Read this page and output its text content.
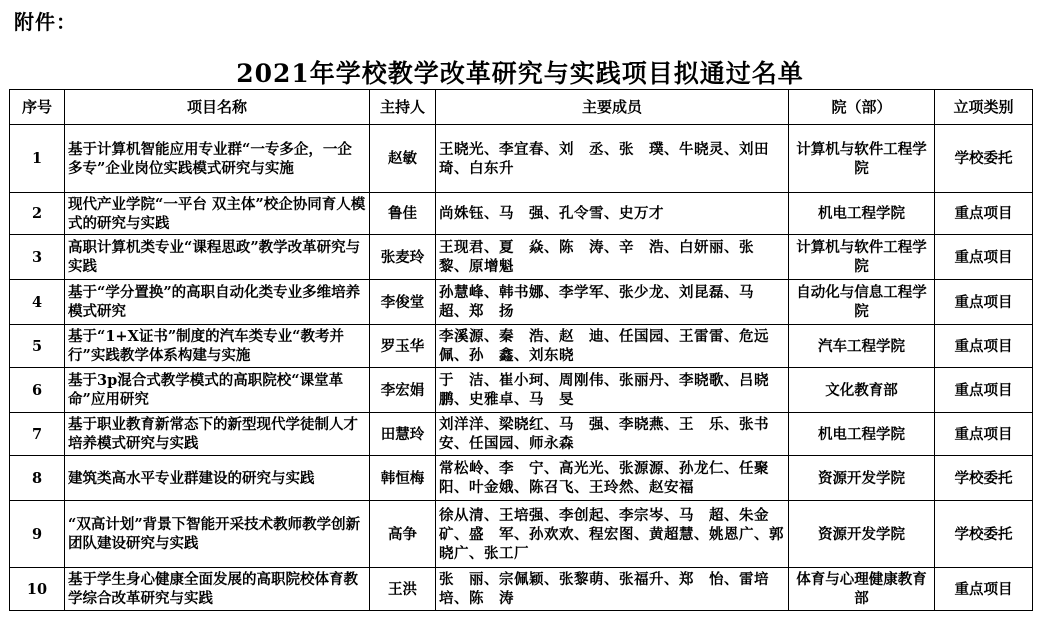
附件：
2021年学校教学改革研究与实践项目拟通过名单
序号	项目名称	主持人	主要成员	院（部）	立项类别
1	基于计算机智能应用专业群“一专多企，一企多专”企业岗位实践模式研究与实施	赵敏	王晓光、李宜春、刘　丞、张　璞、牛晓灵、刘田琦、白东升	计算机与软件工程学院	学校委托
2	现代产业学院“一平台 双主体”校企协同育人模式的研究与实践	鲁佳	尚姝钰、马　强、孔令雪、史万才	机电工程学院	重点项目
3	高职计算机类专业“课程思政”教学改革研究与实践	张麦玲	王现君、夏　焱、陈　涛、辛　浩、白妍丽、张　黎、原增魁	计算机与软件工程学院	重点项目
4	基于“学分置换”的高职自动化类专业多维培养模式研究	李俊堂	孙慧峰、韩书娜、李学军、张少龙、刘昆磊、马　超、郑　扬	自动化与信息工程学院	重点项目
5	基于“1+X证书”制度的汽车类专业“教考并行”实践教学体系构建与实施	罗玉华	李溪源、秦　浩、赵　迪、任国园、王雷雷、危远佩、孙　鑫、刘东晓	汽车工程学院	重点项目
6	基于3p混合式教学模式的高职院校“课堂革命”应用研究	李宏娟	于　洁、崔小珂、周刚伟、张丽丹、李晓歌、吕晓鹏、史雅卓、马　旻	文化教育部	重点项目
7	基于职业教育新常态下的新型现代学徒制人才培养模式研究与实践	田慧玲	刘洋洋、梁晓红、马　强、李晓燕、王　乐、张书安、任国园、师永森	机电工程学院	重点项目
8	建筑类高水平专业群建设的研究与实践	韩恒梅	常松岭、李　宁、高光光、张源源、孙龙仁、任聚阳、叶金娥、陈召飞、王玲然、赵安福	资源开发学院	学校委托
9	“双高计划”背景下智能开采技术教师教学创新团队建设研究与实践	高争	徐从清、王培强、李创起、李宗岑、马　超、朱金矿、盛　军、孙欢欢、程宏图、黄超慧、姚恩广、郭晓广、张工厂	资源开发学院	学校委托
10	基于学生身心健康全面发展的高职院校体育教学综合改革研究与实践	王洪	张　丽、宗佩颖、张黎萌、张福升、郑　怡、雷培培、陈　涛	体育与心理健康教育部	重点项目
